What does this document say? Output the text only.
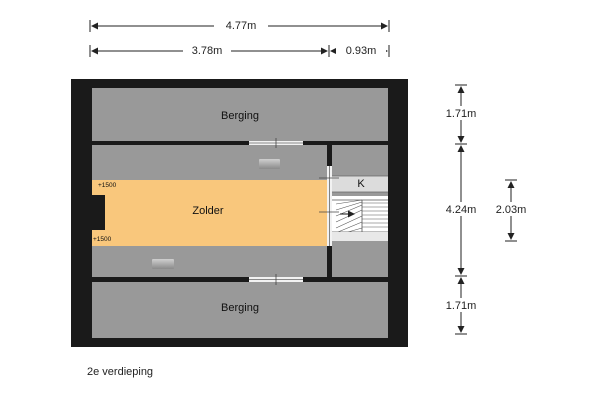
4.77m
3.78m	0.93m
Berging
Zolder
Berging
K
+1500
+1500
1.71m
4.24m
1.71m
2.03m
2e verdieping
